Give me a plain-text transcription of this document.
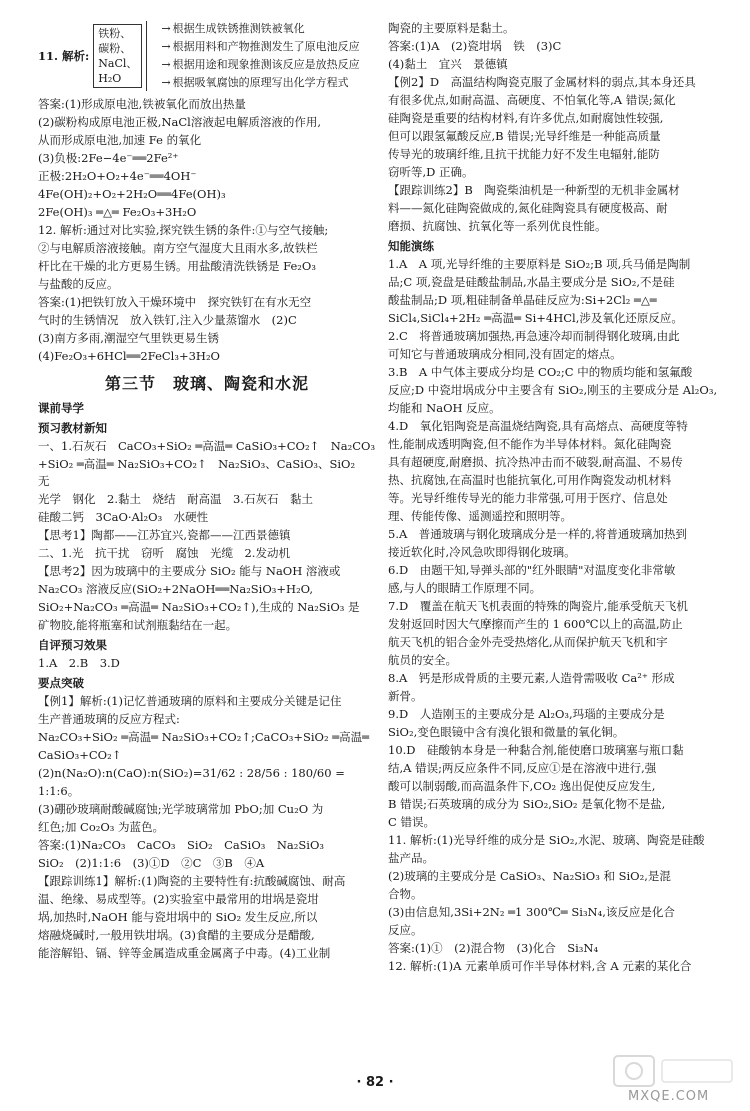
11. 解析:
铁粉、
碳粉、
NaCl、
H₂O

→ 根据生成铁锈推测铁被氧化

→ 根据用料和产物推测发生了原电池反应

→ 根据用途和现象推测该反应是放热反应

→ 根据吸氧腐蚀的原理写出化学方程式

答案:(1)形成原电池,铁被氧化而放出热量

(2)碳粉构成原电池正极,NaCl溶液起电解质溶液的作用,

从而形成原电池,加速 Fe 的氧化

(3)负极:2Fe−4e⁻══2Fe²⁺

正极:2H₂O+O₂+4e⁻══4OH⁻

4Fe(OH)₂+O₂+2H₂O══4Fe(OH)₃

2Fe(OH)₃ ═△═ Fe₂O₃+3H₂O

12. 解析:通过对比实验,探究铁生锈的条件:①与空气接触;

②与电解质溶液接触。南方空气湿度大且雨水多,故铁栏

杆比在干燥的北方更易生锈。用盐酸清洗铁锈是 Fe₂O₃

与盐酸的反应。

答案:(1)把铁钉放入干燥环境中　探究铁钉在有水无空

气时的生锈情况　放入铁钉,注入少量蒸馏水　(2)C

(3)南方多雨,潮湿空气里铁更易生锈

(4)Fe₂O₃+6HCl══2FeCl₃+3H₂O

第三节　玻璃、陶瓷和水泥

课前导学

预习教材新知

一、1.石灰石　CaCO₃+SiO₂ ═高温═ CaSiO₃+CO₂↑　Na₂CO₃

+SiO₂ ═高温═ Na₂SiO₃+CO₂↑　Na₂SiO₃、CaSiO₃、SiO₂　无

光学　钢化　2.黏土　烧结　耐高温　3.石灰石　黏土

硅酸二钙　3CaO·Al₂O₃　水硬性

【思考1】陶都——江苏宜兴,瓷都——江西景德镇

二、1.光　抗干扰　窃听　腐蚀　光缆　2.发动机

【思考2】因为玻璃中的主要成分 SiO₂ 能与 NaOH 溶液或

Na₂CO₃ 溶液反应(SiO₂+2NaOH══Na₂SiO₃+H₂O,

SiO₂+Na₂CO₃ ═高温═ Na₂SiO₃+CO₂↑),生成的 Na₂SiO₃ 是

矿物胶,能将瓶塞和试剂瓶黏结在一起。

自评预习效果

1.A　2.B　3.D

要点突破

【例1】解析:(1)记忆普通玻璃的原料和主要成分关键是记住

生产普通玻璃的反应方程式:

Na₂CO₃+SiO₂ ═高温═ Na₂SiO₃+CO₂↑;CaCO₃+SiO₂ ═高温═

CaSiO₃+CO₂↑

(2)n(Na₂O):n(CaO):n(SiO₂)=31/62 : 28/56 : 180/60 =

1:1:6。

(3)硼砂玻璃耐酸碱腐蚀;光学玻璃常加 PbO;加 Cu₂O 为

红色;加 Co₂O₃ 为蓝色。

答案:(1)Na₂CO₃　CaCO₃　SiO₂　CaSiO₃　Na₂SiO₃

SiO₂　(2)1:1:6　(3)①D　②C　③B　④A

【跟踪训练1】解析:(1)陶瓷的主要特性有:抗酸碱腐蚀、耐高

温、绝缘、易成型等。(2)实验室中最常用的坩埚是瓷坩

埚,加热时,NaOH 能与瓷坩埚中的 SiO₂ 发生反应,所以

熔融烧碱时,一般用铁坩埚。(3)食醋的主要成分是醋酸,

能溶解铅、镉、锌等金属造成重金属离子中毒。(4)工业制

陶瓷的主要原料是黏土。

答案:(1)A　(2)瓷坩埚　铁　(3)C

(4)黏土　宜兴　景德镇

【例2】D　高温结构陶瓷克服了金属材料的弱点,其本身还具

有很多优点,如耐高温、高硬度、不怕氧化等,A 错误;氮化

硅陶瓷是重要的结构材料,有许多优点,如耐腐蚀性较强,

但可以跟氢氟酸反应,B 错误;光导纤维是一种能高质量

传导光的玻璃纤维,且抗干扰能力好不发生电辐射,能防

窃听等,D 正确。

【跟踪训练2】B　陶瓷柴油机是一种新型的无机非金属材

料——氮化硅陶瓷做成的,氮化硅陶瓷具有硬度极高、耐

磨损、抗腐蚀、抗氧化等一系列优良性能。

知能演练

1.A　A 项,光导纤维的主要原料是 SiO₂;B 项,兵马俑是陶制

品;C 项,瓷盘是硅酸盐制品,水晶主要成分是 SiO₂,不是硅

酸盐制品;D 项,粗硅制备单晶硅反应为:Si+2Cl₂ ═△═

SiCl₄,SiCl₄+2H₂ ═高温═ Si+4HCl,涉及氧化还原反应。

2.C　将普通玻璃加强热,再急速冷却而制得钢化玻璃,由此

可知它与普通玻璃成分相同,没有固定的熔点。

3.B　A 中气体主要成分均是 CO₂;C 中的物质均能和氢氟酸

反应;D 中瓷坩埚成分中主要含有 SiO₂,刚玉的主要成分是 Al₂O₃,

均能和 NaOH 反应。

4.D　氧化铝陶瓷是高温烧结陶瓷,具有高熔点、高硬度等特

性,能制成透明陶瓷,但不能作为半导体材料。氮化硅陶瓷

具有超硬度,耐磨损、抗冷热冲击而不破裂,耐高温、不易传

热、抗腐蚀,在高温时也能抗氧化,可用作陶瓷发动机材料

等。光导纤维传导光的能力非常强,可用于医疗、信息处

理、传能传像、遥测遥控和照明等。

5.A　普通玻璃与钢化玻璃成分是一样的,将普通玻璃加热到

接近软化时,冷风急吹即得钢化玻璃。

6.D　由题干知,导弹头部的"红外眼睛"对温度变化非常敏

感,与人的眼睛工作原理不同。

7.D　覆盖在航天飞机表面的特殊的陶瓷片,能承受航天飞机

发射返回时因大气摩擦而产生的 1 600℃以上的高温,防止

航天飞机的铝合金外壳受热熔化,从而保护航天飞机和宇

航员的安全。

8.A　钙是形成骨质的主要元素,人造骨需吸收 Ca²⁺ 形成

新骨。

9.D　人造刚玉的主要成分是 Al₂O₃,玛瑙的主要成分是

SiO₂,变色眼镜中含有溴化银和微量的氧化铜。

10.D　硅酸钠本身是一种黏合剂,能使磨口玻璃塞与瓶口黏

结,A 错误;两反应条件不同,反应①是在溶液中进行,强

酸可以制弱酸,而高温条件下,CO₂ 逸出促使反应发生,

B 错误;石英玻璃的成分为 SiO₂,SiO₂ 是氧化物不是盐,

C 错误。

11. 解析:(1)光导纤维的成分是 SiO₂,水泥、玻璃、陶瓷是硅酸

盐产品。

(2)玻璃的主要成分是 CaSiO₃、Na₂SiO₃ 和 SiO₂,是混

合物。

(3)由信息知,3Si+2N₂ ═1 300℃═ Si₃N₄,该反应是化合

反应。

答案:(1)①　(2)混合物　(3)化合　Si₃N₄

12. 解析:(1)A 元素单质可作半导体材料,含 A 元素的某化合

· 82 ·
MXQE.COM
